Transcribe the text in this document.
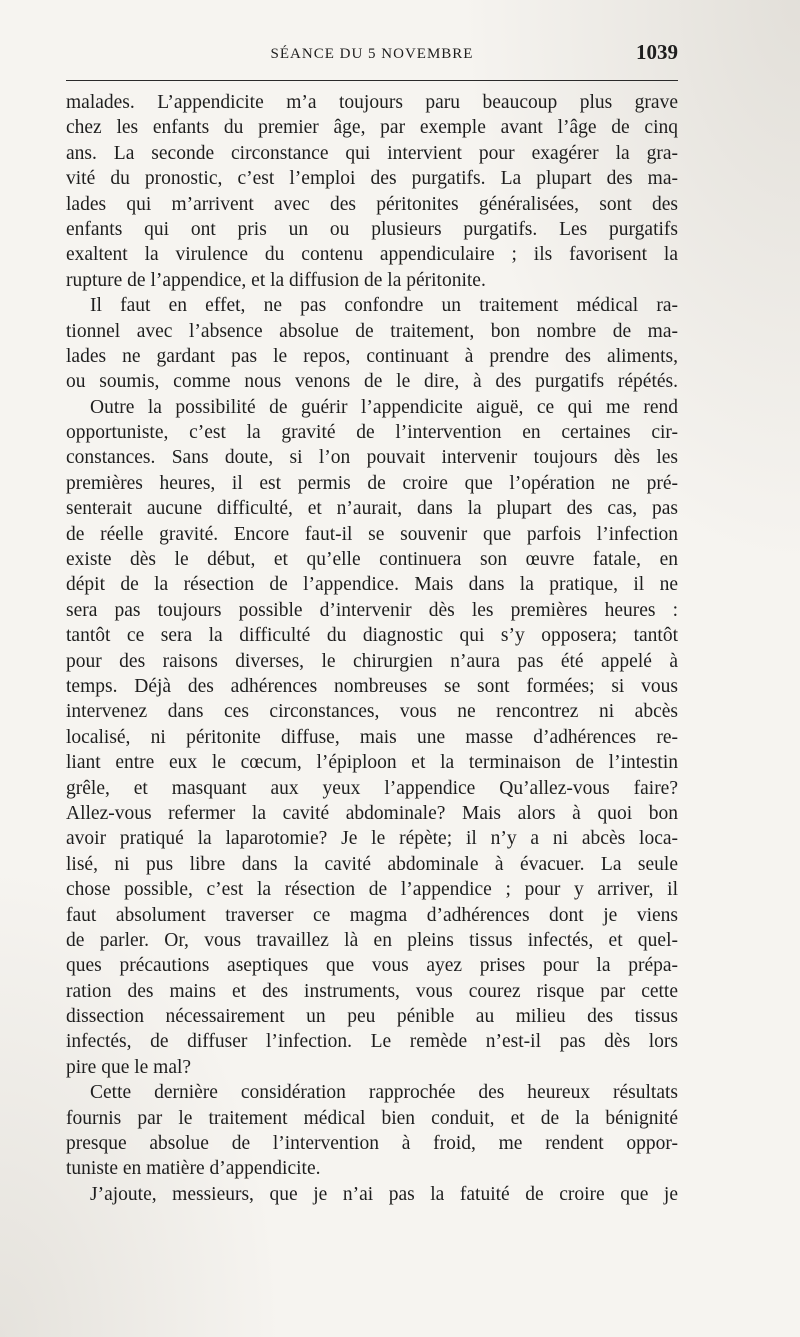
SÉANCE DU 5 NOVEMBRE	1039
malades. L’appendicite m’a toujours paru beaucoup plus grave
chez les enfants du premier âge, par exemple avant l’âge de cinq
ans. La seconde circonstance qui intervient pour exagérer la gra-
vité du pronostic, c’est l’emploi des purgatifs. La plupart des ma-
lades qui m’arrivent avec des péritonites généralisées, sont des
enfants qui ont pris un ou plusieurs purgatifs. Les purgatifs
exaltent la virulence du contenu appendiculaire ; ils favorisent la
rupture de l’appendice, et la diffusion de la péritonite.
Il faut en effet, ne pas confondre un traitement médical ra-
tionnel avec l’absence absolue de traitement, bon nombre de ma-
lades ne gardant pas le repos, continuant à prendre des aliments,
ou soumis, comme nous venons de le dire, à des purgatifs répétés.
Outre la possibilité de guérir l’appendicite aiguë, ce qui me rend
opportuniste, c’est la gravité de l’intervention en certaines cir-
constances. Sans doute, si l’on pouvait intervenir toujours dès les
premières heures, il est permis de croire que l’opération ne pré-
senterait aucune difficulté, et n’aurait, dans la plupart des cas, pas
de réelle gravité. Encore faut-il se souvenir que parfois l’infection
existe dès le début, et qu’elle continuera son œuvre fatale, en
dépit de la résection de l’appendice. Mais dans la pratique, il ne
sera pas toujours possible d’intervenir dès les premières heures :
tantôt ce sera la difficulté du diagnostic qui s’y opposera; tantôt
pour des raisons diverses, le chirurgien n’aura pas été appelé à
temps. Déjà des adhérences nombreuses se sont formées; si vous
intervenez dans ces circonstances, vous ne rencontrez ni abcès
localisé, ni péritonite diffuse, mais une masse d’adhérences re-
liant entre eux le cœcum, l’épiploon et la terminaison de l’intestin
grêle, et masquant aux yeux l’appendice Qu’allez-vous faire?
Allez-vous refermer la cavité abdominale? Mais alors à quoi bon
avoir pratiqué la laparotomie? Je le répète; il n’y a ni abcès loca-
lisé, ni pus libre dans la cavité abdominale à évacuer. La seule
chose possible, c’est la résection de l’appendice ; pour y arriver, il
faut absolument traverser ce magma d’adhérences dont je viens
de parler. Or, vous travaillez là en pleins tissus infectés, et quel-
ques précautions aseptiques que vous ayez prises pour la prépa-
ration des mains et des instruments, vous courez risque par cette
dissection nécessairement un peu pénible au milieu des tissus
infectés, de diffuser l’infection. Le remède n’est-il pas dès lors
pire que le mal?
Cette dernière considération rapprochée des heureux résultats
fournis par le traitement médical bien conduit, et de la bénignité
presque absolue de l’intervention à froid, me rendent oppor-
tuniste en matière d’appendicite.
J’ajoute, messieurs, que je n’ai pas la fatuité de croire que je
